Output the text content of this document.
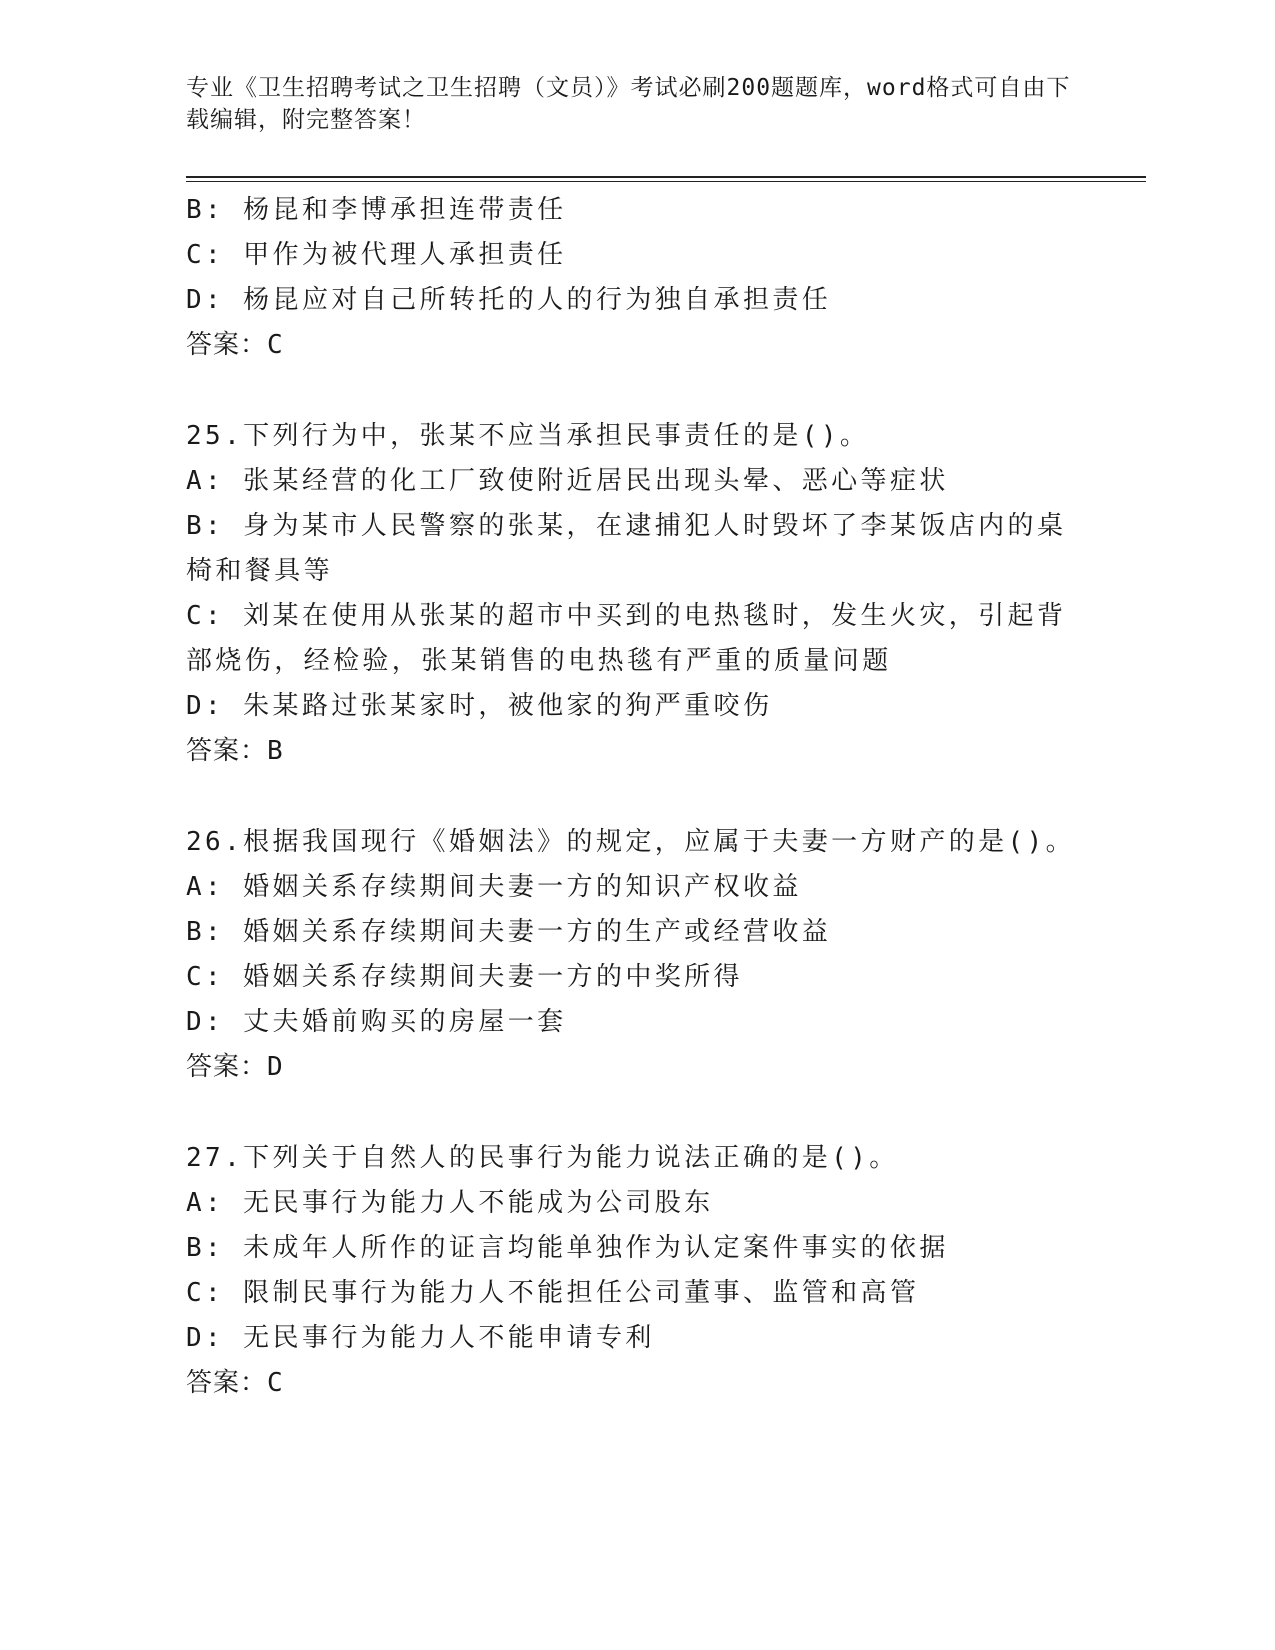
专业《卫生招聘考试之卫生招聘（文员）》考试必刷200题题库，word格式可自由下载编辑，附完整答案！

B: 杨昆和李博承担连带责任

C: 甲作为被代理人承担责任

D: 杨昆应对自己所转托的人的行为独自承担责任

答案：C

25.下列行为中，张某不应当承担民事责任的是()。

A: 张某经营的化工厂致使附近居民出现头晕、恶心等症状

B: 身为某市人民警察的张某，在逮捕犯人时毁坏了李某饭店内的桌椅和餐具等

C: 刘某在使用从张某的超市中买到的电热毯时，发生火灾，引起背部烧伤，经检验，张某销售的电热毯有严重的质量问题

D: 朱某路过张某家时，被他家的狗严重咬伤

答案：B

26.根据我国现行《婚姻法》的规定，应属于夫妻一方财产的是()。

A: 婚姻关系存续期间夫妻一方的知识产权收益

B: 婚姻关系存续期间夫妻一方的生产或经营收益

C: 婚姻关系存续期间夫妻一方的中奖所得

D: 丈夫婚前购买的房屋一套

答案：D

27.下列关于自然人的民事行为能力说法正确的是()。

A: 无民事行为能力人不能成为公司股东

B: 未成年人所作的证言均能单独作为认定案件事实的依据

C: 限制民事行为能力人不能担任公司董事、监管和高管

D: 无民事行为能力人不能申请专利

答案：C
